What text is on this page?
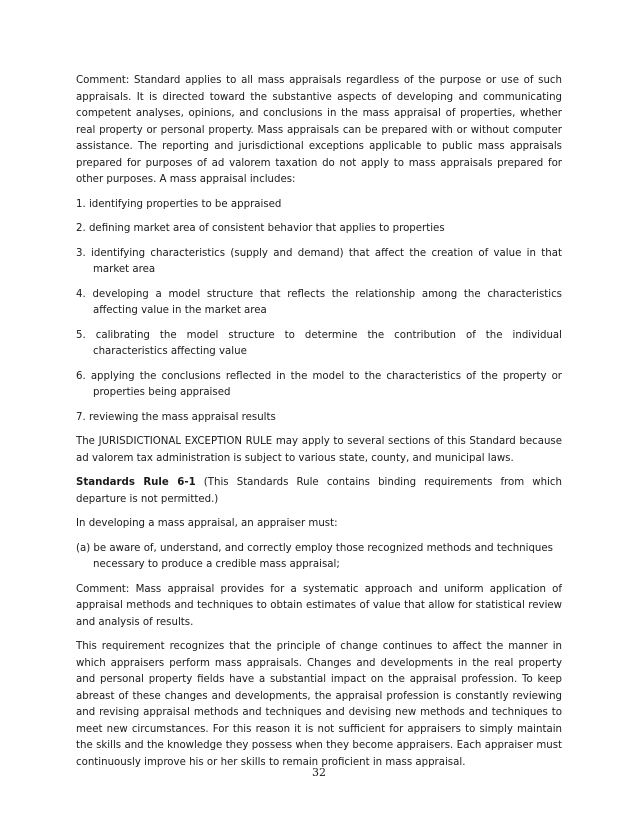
Comment: Standard applies to all mass appraisals regardless of the purpose or use of such appraisals. It is directed toward the substantive aspects of developing and communicating competent analyses, opinions, and conclusions in the mass appraisal of properties, whether real property or personal property. Mass appraisals can be prepared with or without computer assistance. The reporting and jurisdictional exceptions applicable to public mass appraisals prepared for purposes of ad valorem taxation do not apply to mass appraisals prepared for other purposes. A mass appraisal includes:

1. identifying properties to be appraised

2. defining market area of consistent behavior that applies to properties

3. identifying characteristics (supply and demand) that affect the creation of value in that market area

4. developing a model structure that reflects the relationship among the characteristics affecting value in the market area

5. calibrating the model structure to determine the contribution of the individual characteristics affecting value

6. applying the conclusions reflected in the model to the characteristics of the property or properties being appraised

7. reviewing the mass appraisal results

The JURISDICTIONAL EXCEPTION RULE may apply to several sections of this Standard because ad valorem tax administration is subject to various state, county, and municipal laws.

Standards Rule 6-1 (This Standards Rule contains binding requirements from which departure is not permitted.)

In developing a mass appraisal, an appraiser must:

(a) be aware of, understand, and correctly employ those recognized methods and techniques necessary to produce a credible mass appraisal;

Comment: Mass appraisal provides for a systematic approach and uniform application of appraisal methods and techniques to obtain estimates of value that allow for statistical review and analysis of results.

This requirement recognizes that the principle of change continues to affect the manner in which appraisers perform mass appraisals. Changes and developments in the real property and personal property fields have a substantial impact on the appraisal profession. To keep abreast of these changes and developments, the appraisal profession is constantly reviewing and revising appraisal methods and techniques and devising new methods and techniques to meet new circumstances. For this reason it is not sufficient for appraisers to simply maintain the skills and the knowledge they possess when they become appraisers. Each appraiser must continuously improve his or her skills to remain proficient in mass appraisal.

32
